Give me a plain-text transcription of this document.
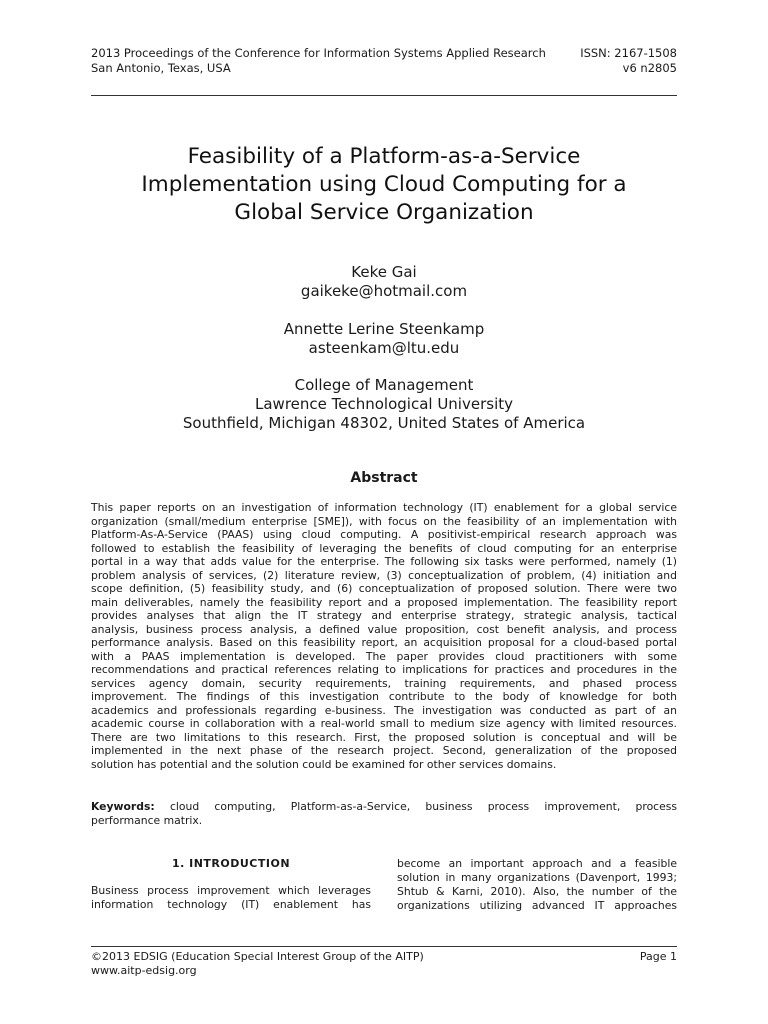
2013 Proceedings of the Conference for Information Systems Applied Research	ISSN: 2167-1508
San Antonio, Texas, USA	v6 n2805
Feasibility of a Platform-as-a-Service
Implementation using Cloud Computing for a
Global Service Organization
Keke Gai
gaikeke@hotmail.com
Annette Lerine Steenkamp
asteenkam@ltu.edu
College of Management
Lawrence Technological University
Southfield, Michigan 48302, United States of America
Abstract
This paper reports on an investigation of information technology (IT) enablement for a global service
organization (small/medium enterprise [SME]), with focus on the feasibility of an implementation with
Platform-As-A-Service (PAAS) using cloud computing. A positivist-empirical research approach was
followed to establish the feasibility of leveraging the benefits of cloud computing for an enterprise
portal in a way that adds value for the enterprise. The following six tasks were performed, namely (1)
problem analysis of services, (2) literature review, (3) conceptualization of problem, (4) initiation and
scope definition, (5) feasibility study, and (6) conceptualization of proposed solution. There were two
main deliverables, namely the feasibility report and a proposed implementation. The feasibility report
provides analyses that align the IT strategy and enterprise strategy, strategic analysis, tactical
analysis, business process analysis, a defined value proposition, cost benefit analysis, and process
performance analysis. Based on this feasibility report, an acquisition proposal for a cloud-based portal
with a PAAS implementation is developed. The paper provides cloud practitioners with some
recommendations and practical references relating to implications for practices and procedures in the
services agency domain, security requirements, training requirements, and phased process
improvement. The findings of this investigation contribute to the body of knowledge for both
academics and professionals regarding e-business. The investigation was conducted as part of an
academic course in collaboration with a real-world small to medium size agency with limited resources.
There are two limitations to this research. First, the proposed solution is conceptual and will be
implemented in the next phase of the research project. Second, generalization of the proposed
solution has potential and the solution could be examined for other services domains.
Keywords: cloud computing, Platform-as-a-Service, business process improvement, process
performance matrix.
1. INTRODUCTION
Business process improvement which leverages
information technology (IT) enablement has
become an important approach and a feasible
solution in many organizations (Davenport, 1993;
Shtub & Karni, 2010). Also, the number of the
organizations utilizing advanced IT approaches
©2013 EDSIG (Education Special Interest Group of the AITP)	Page 1
www.aitp-edsig.org
